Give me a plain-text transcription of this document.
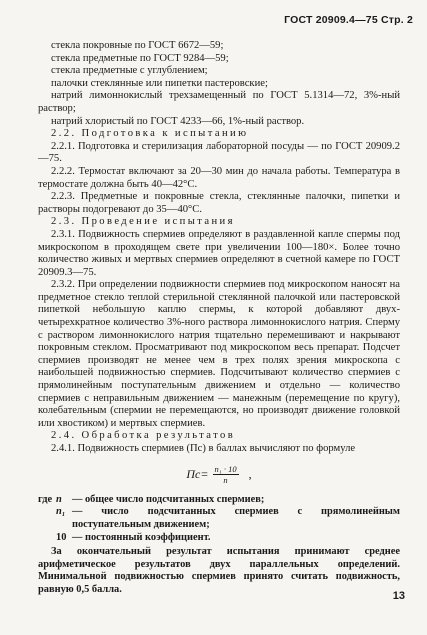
ГОСТ 20909.4—75 Стр. 2

стекла покровные по ГОСТ 6672—59;

стекла предметные по ГОСТ 9284—59;

стекла предметные с углублением;

палочки стеклянные или пипетки пастеровские;

натрий лимоннокислый трехзамещенный по ГОСТ 5.1314—72, 3%-ный раствор;

натрий хлористый по ГОСТ 4233—66, 1%-ный раствор.

2.2. Подготовка к испытанию

2.2.1. Подготовка и стерилизация лабораторной посуды — по ГОСТ 20909.2—75.

2.2.2. Термостат включают за 20—30 мин до начала работы. Температура в термостате должна быть 40—42°С.

2.2.3. Предметные и покровные стекла, стеклянные палочки, пипетки и растворы подогревают до 35—40°С.

2.3. Проведение испытания

2.3.1. Подвижность спермиев определяют в раздавленной капле спермы под микроскопом в проходящем свете при увеличении 100—180×. Более точно количество живых и мертвых спермиев определяют в счетной камере по ГОСТ 20909.3—75.

2.3.2. При определении подвижности спермиев под микроскопом наносят на предметное стекло теплой стерильной стеклянной палочкой или пастеровской пипеткой небольшую каплю спермы, к которой добавляют двух-четырехкратное количество 3%-ного раствора лимоннокислого натрия. Сперму с раствором лимоннокислого натрия тщательно перемешивают и накрывают покровным стеклом. Просматривают под микроскопом весь препарат. Подсчет спермиев производят не менее чем в трех полях зрения микроскопа с наибольшей подвижностью спермиев. Подсчитывают количество спермиев с прямолинейным поступательным движением и отдельно — количество спермиев с неправильным движением — манежным (перемещение по кругу), колебательным (спермии не перемещаются, но производят движение головкой или хвостиком) и мертвых спермиев.

2.4. Обработка результатов

2.4.1. Подвижность спермиев (Пс) в баллах вычисляют по формуле

Пс = $\frac{\text{n₁ · 10}}{n}$ ,
где n — общее число подсчитанных спермиев;
n₁ — число подсчитанных спермиев с прямолинейным поступательным движением;
10 — постоянный коэффициент.

За окончательный результат испытания принимают среднее арифметическое результатов двух параллельных определений. Минимальной подвижностью спермиев принято считать подвижность, равную 0,5 балла.

13
